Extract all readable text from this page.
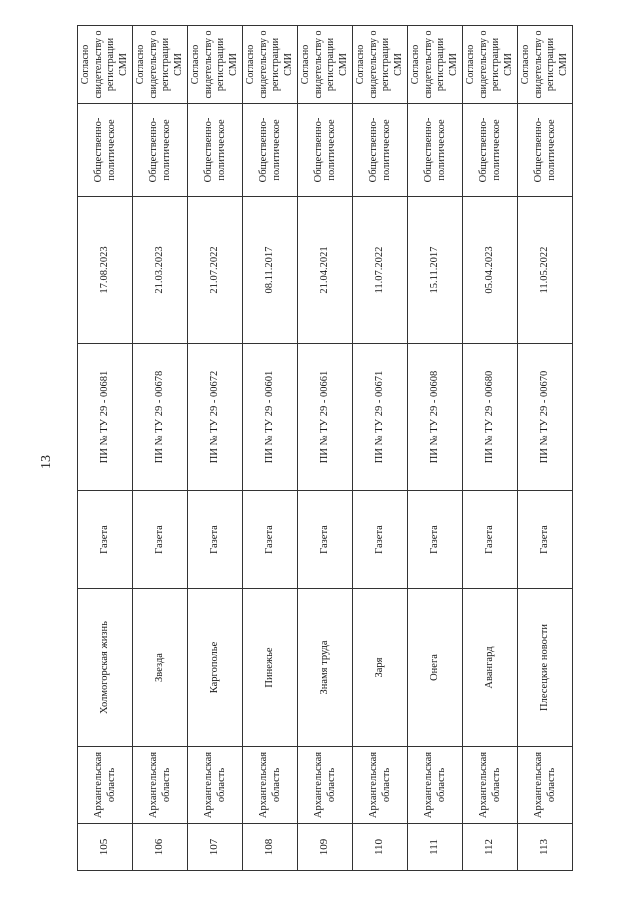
13
105	Архангельская область	Холмогорская жизнь	Газета	ПИ № ТУ 29 - 00681	17.08.2023	Общественно-политическое	Согласно свидетельству о регистрации СМИ
106	Архангельская область	Звезда	Газета	ПИ № ТУ 29 - 00678	21.03.2023	Общественно-политическое	Согласно свидетельству о регистрации СМИ
107	Архангельская область	Каргополье	Газета	ПИ № ТУ 29 - 00672	21.07.2022	Общественно-политическое	Согласно свидетельству о регистрации СМИ
108	Архангельская область	Пинежье	Газета	ПИ № ТУ 29 - 00601	08.11.2017	Общественно-политическое	Согласно свидетельству о регистрации СМИ
109	Архангельская область	Знамя труда	Газета	ПИ № ТУ 29 - 00661	21.04.2021	Общественно-политическое	Согласно свидетельству о регистрации СМИ
110	Архангельская область	Заря	Газета	ПИ № ТУ 29 - 00671	11.07.2022	Общественно-политическое	Согласно свидетельству о регистрации СМИ
111	Архангельская область	Онега	Газета	ПИ № ТУ 29 - 00608	15.11.2017	Общественно-политическое	Согласно свидетельству о регистрации СМИ
112	Архангельская область	Авангард	Газета	ПИ № ТУ 29 - 00680	05.04.2023	Общественно-политическое	Согласно свидетельству о регистрации СМИ
113	Архангельская область	Плесецкие новости	Газета	ПИ № ТУ 29 - 00670	11.05.2022	Общественно-политическое	Согласно свидетельству о регистрации СМИ
